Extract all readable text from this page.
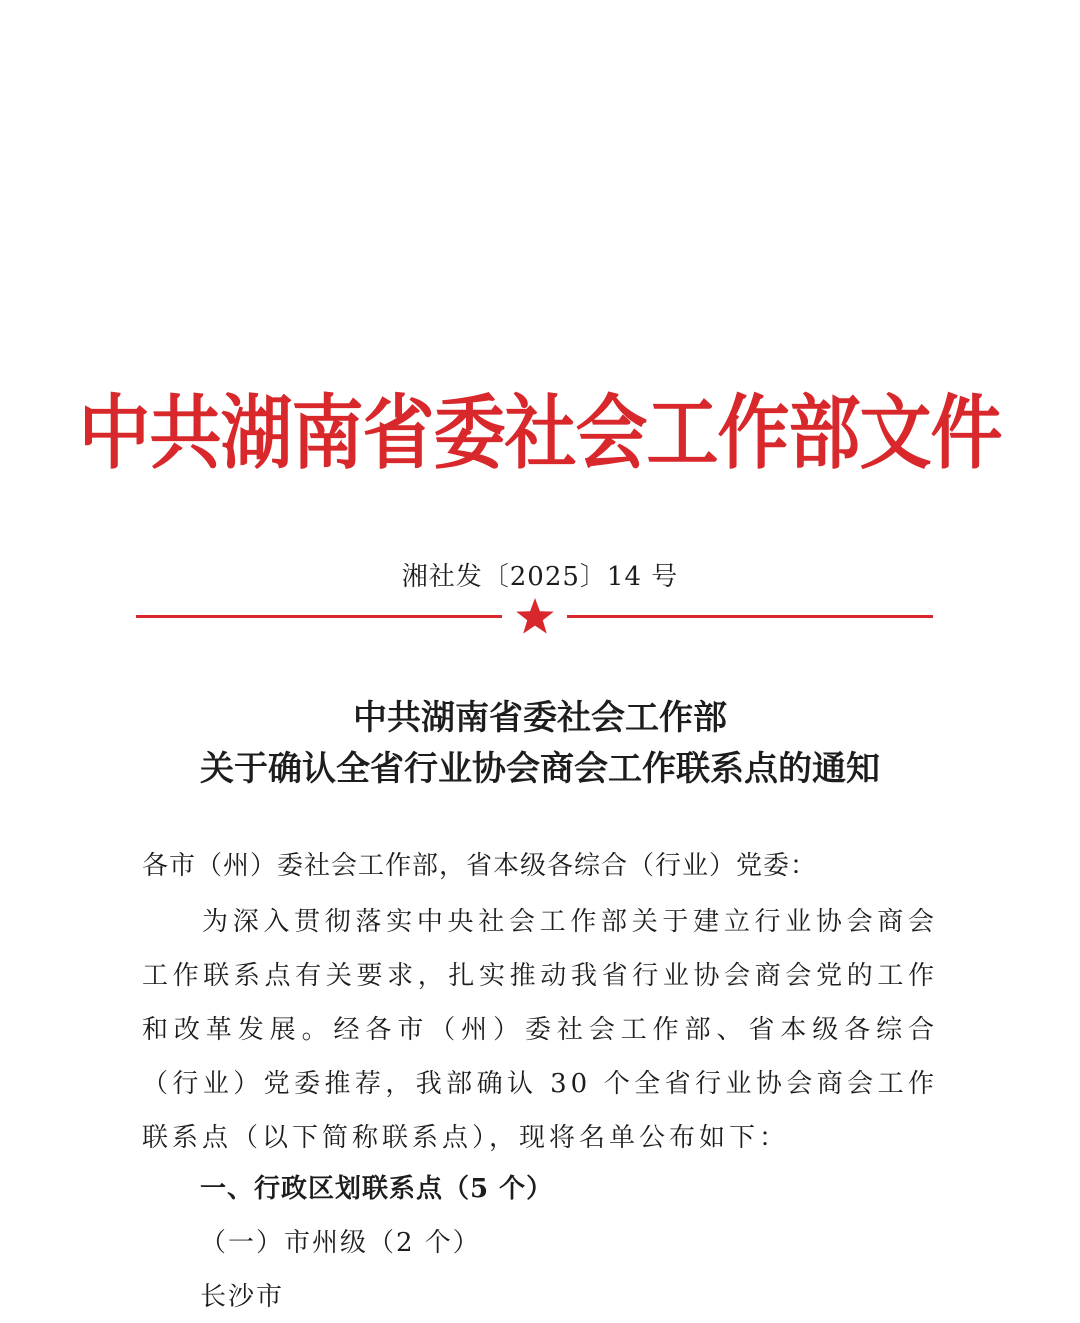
中共湖南省委社会工作部文件
湘社发〔2025〕14 号
中共湖南省委社会工作部
关于确认全省行业协会商会工作联系点的通知
各市（州）委社会工作部，省本级各综合（行业）党委：
为深入贯彻落实中央社会工作部关于建立行业协会商会工作联系点有关要求，扎实推动我省行业协会商会党的工作和改革发展。经各市（州）委社会工作部、省本级各综合（行业）党委推荐，我部确认 30 个全省行业协会商会工作联系点（以下简称联系点），现将名单公布如下：
一、行政区划联系点（5 个）
（一）市州级（2 个）
长沙市
